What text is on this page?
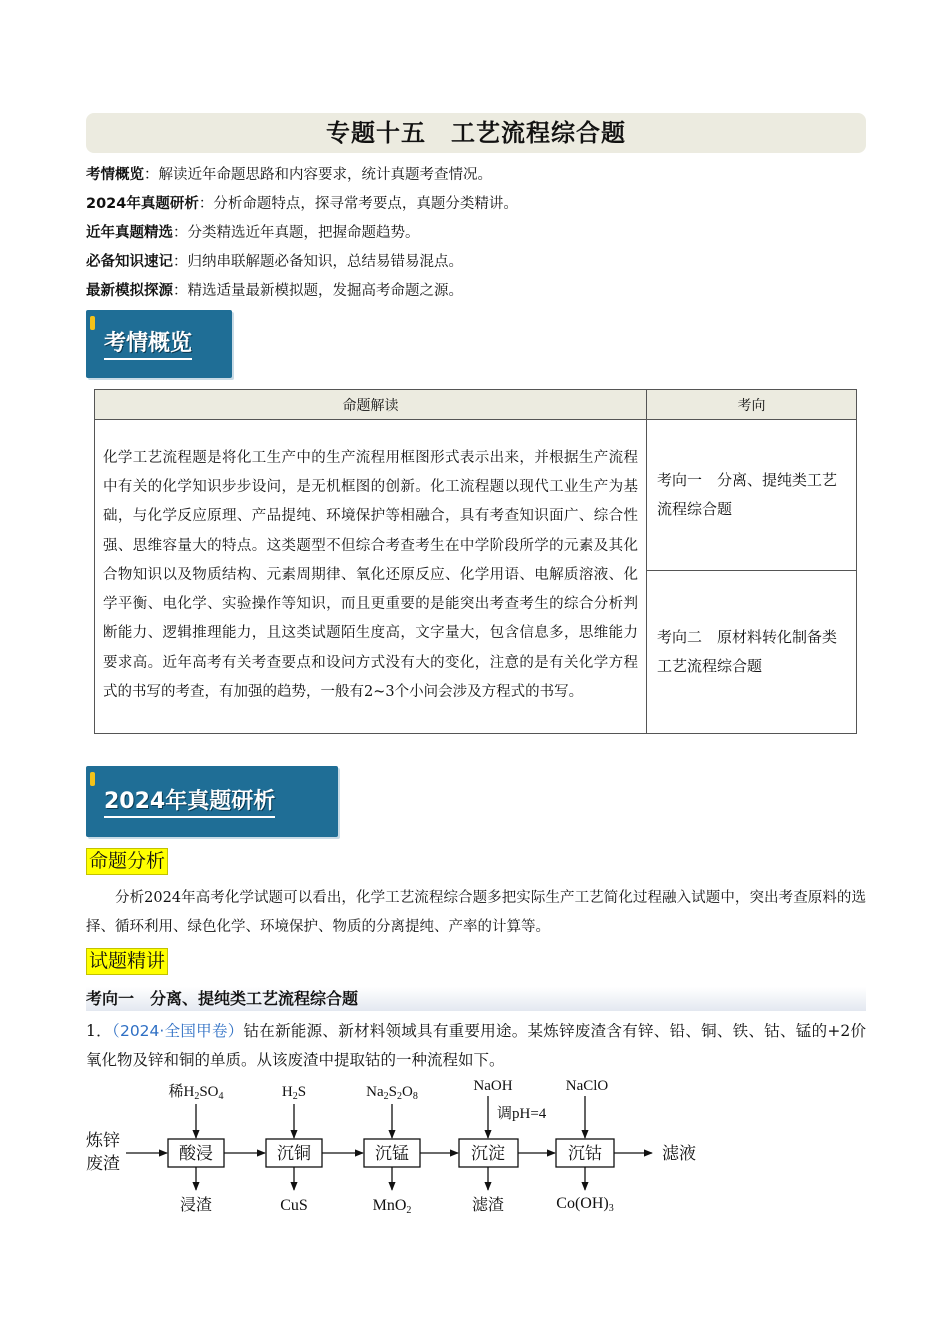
专题十五　工艺流程综合题
考情概览：解读近年命题思路和内容要求，统计真题考查情况。
2024年真题研析：分析命题特点，探寻常考要点，真题分类精讲。
近年真题精选：分类精选近年真题，把握命题趋势。
必备知识速记：归纳串联解题必备知识，总结易错易混点。
最新模拟探源：精选适量最新模拟题，发掘高考命题之源。
考情概览
命题解读	考向
化学工艺流程题是将化工生产中的生产流程用框图形式表示出来，并根据生产流程中有关的化学知识步步设问，是无机框图的创新。化工流程题以现代工业生产为基础，与化学反应原理、产品提纯、环境保护等相融合，具有考查知识面广、综合性强、思维容量大的特点。这类题型不但综合考查考生在中学阶段所学的元素及其化合物知识以及物质结构、元素周期律、氧化还原反应、化学用语、电解质溶液、化学平衡、电化学、实验操作等知识，而且更重要的是能突出考查考生的综合分析判断能力、逻辑推理能力，且这类试题陌生度高，文字量大，包含信息多，思维能力要求高。近年高考有关考查要点和设问方式没有大的变化，注意的是有关化学方程式的书写的考查，有加强的趋势，一般有2~3个小问会涉及方程式的书写。	考向一　分离、提纯类工艺流程综合题
	考向二　原材料转化制备类工艺流程综合题
2024年真题研析
命题分析
分析2024年高考化学试题可以看出，化学工艺流程综合题多把实际生产工艺简化过程融入试题中，突出考查原料的选择、循环利用、绿色化学、环境保护、物质的分离提纯、产率的计算等。
试题精讲
考向一　分离、提纯类工艺流程综合题
1．（2024·全国甲卷）钴在新能源、新材料领域具有重要用途。某炼锌废渣含有锌、铅、铜、铁、钴、锰的+2价氧化物及锌和铜的单质。从该废渣中提取钴的一种流程如下。
炼锌
废渣
酸浸	沉铜	沉锰	沉淀	沉钴	滤液
稀$H_2SO_4$	$H_2S$	$Na_2S_2O_8$
NaOH	NaClO
调pH=4
浸渣	CuS	MnO2	滤渣	Co(OH)3
